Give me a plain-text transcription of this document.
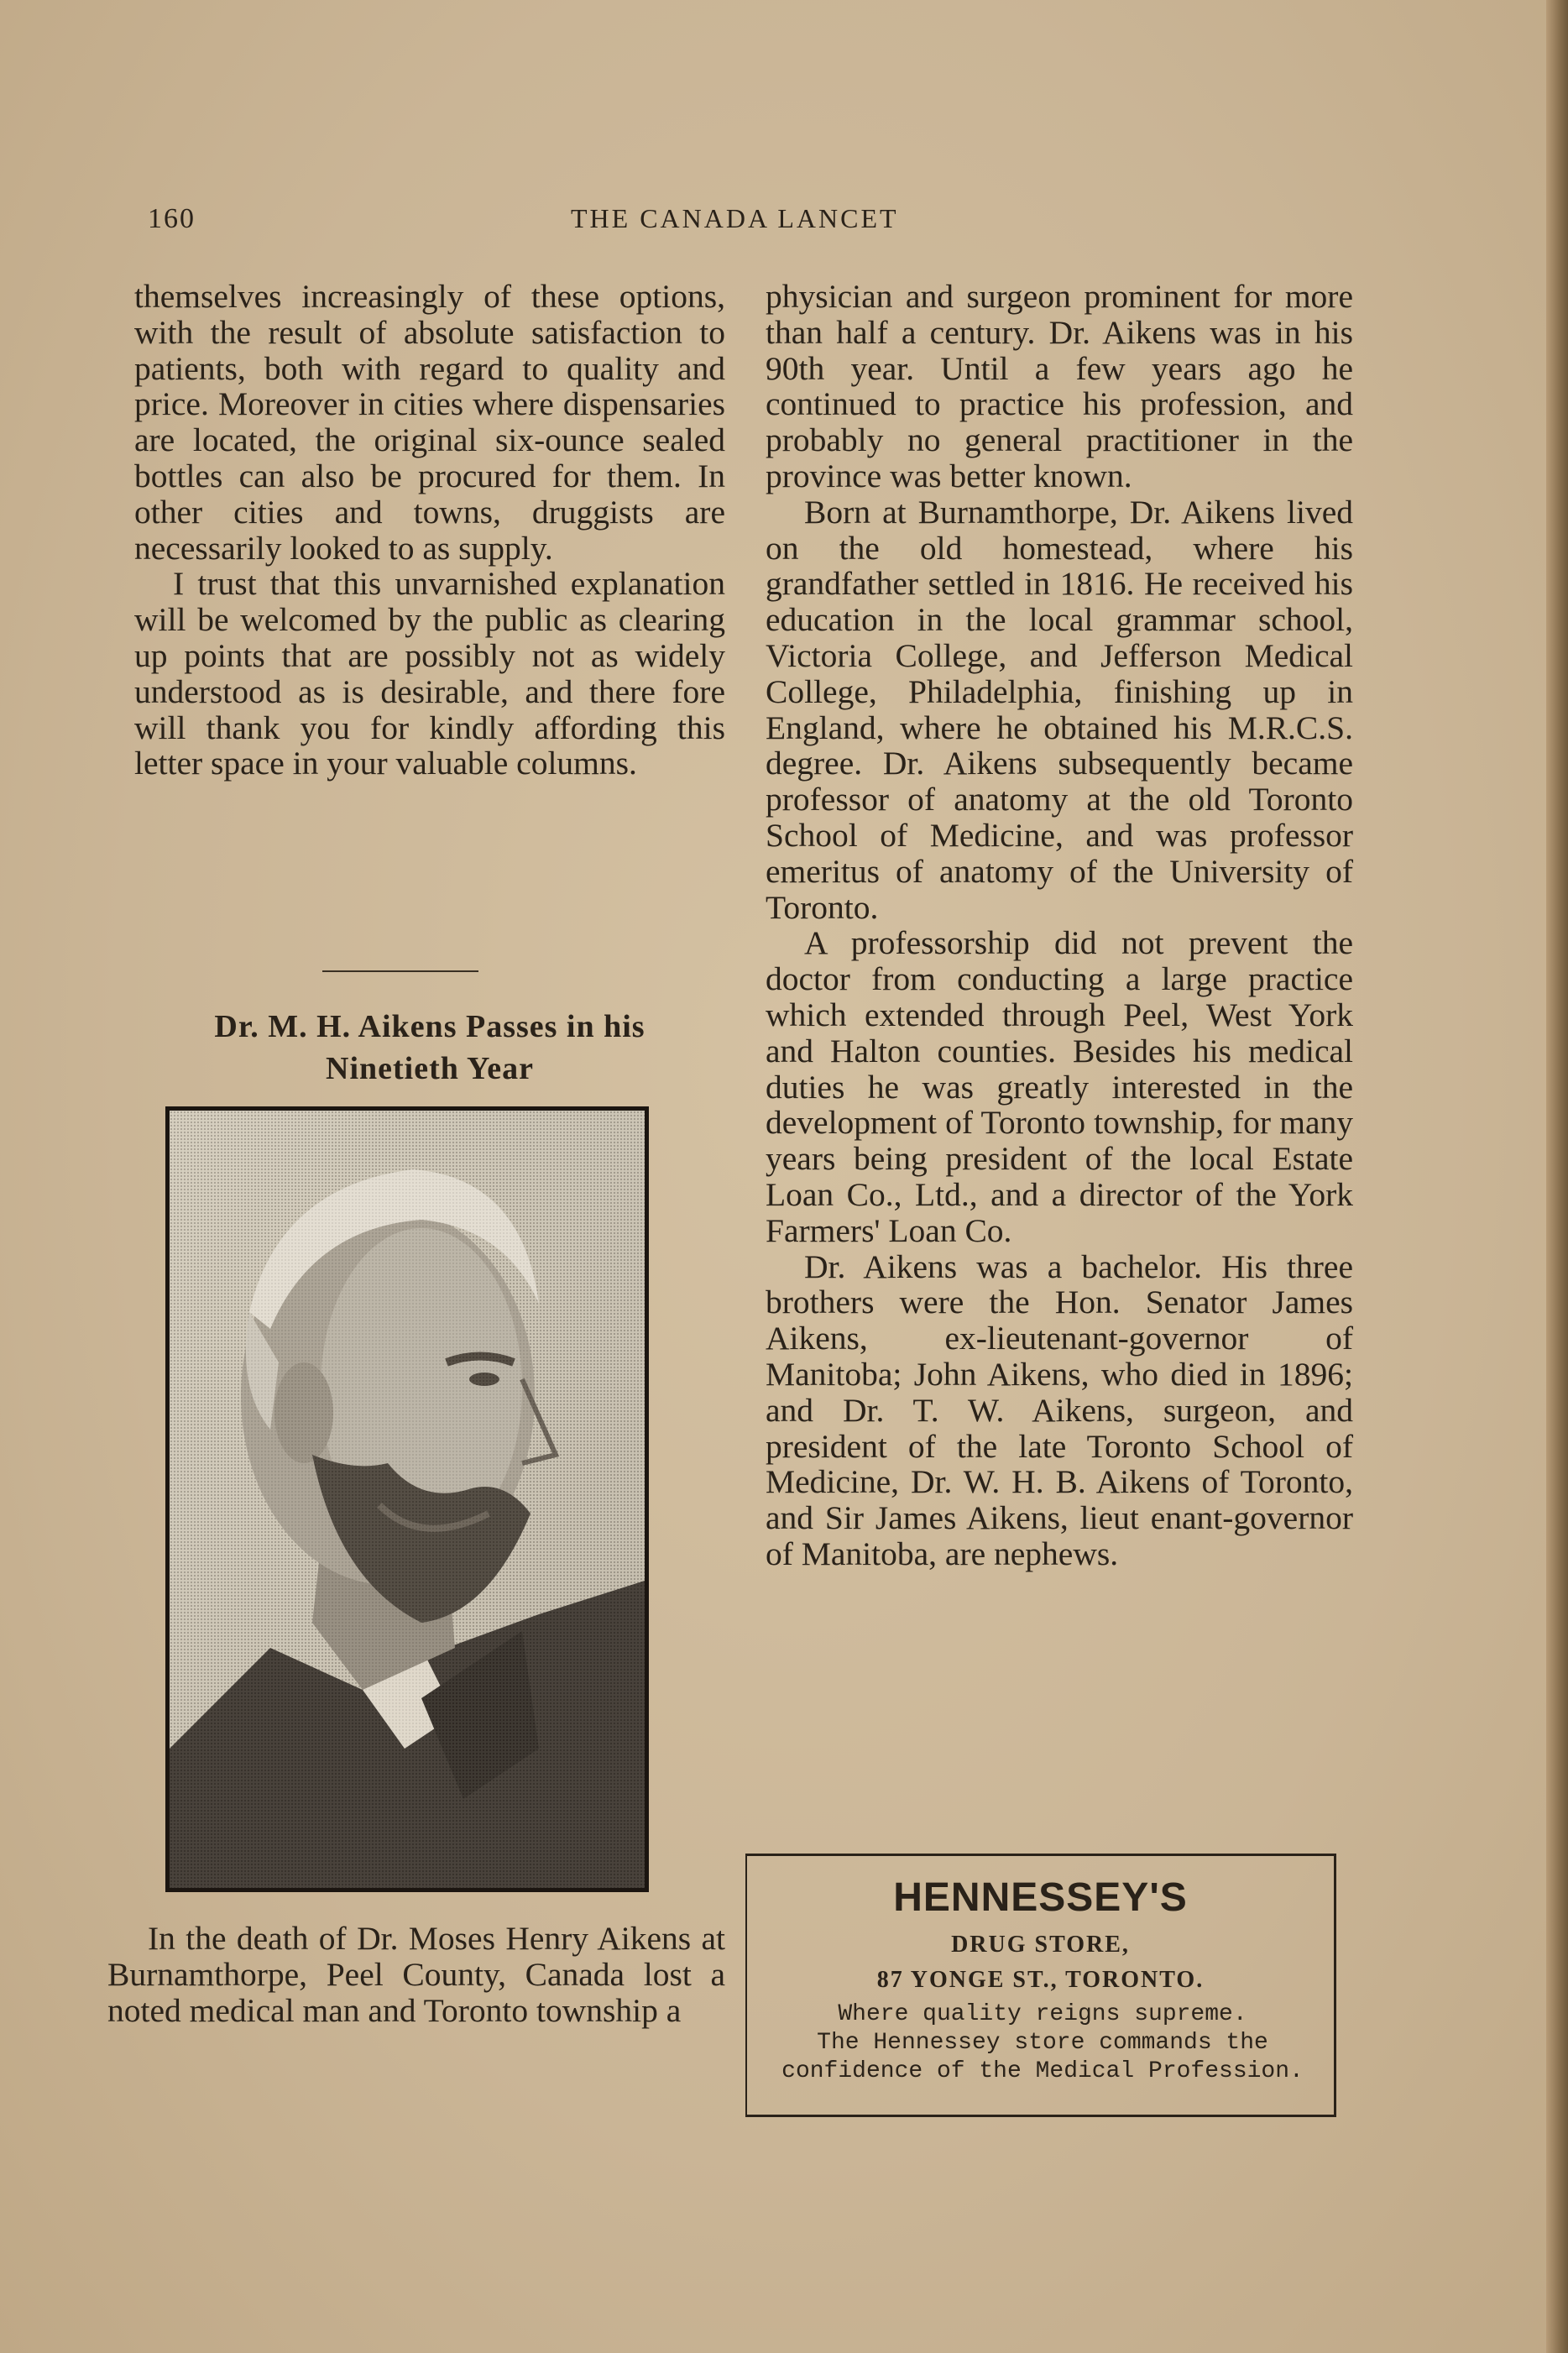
160	THE CANADA LANCET

themselves increasingly of these options, with the result of absolute satisfaction to patients, both with regard to quality and price. Moreover in cities where dispensaries are located, the original six-ounce sealed bottles can also be procured for them. In other cities and towns, druggists are necessarily looked to as supply.

I trust that this unvarnished explanation will be welcomed by the public as clearing up points that are possibly not as widely understood as is desirable, and there fore will thank you for kindly affording this letter space in your valuable columns.

Dr. M. H. Aikens Passes in his
Ninetieth Year

In the death of Dr. Moses Henry Aikens at Burnamthorpe, Peel County, Canada lost a noted medical man and Toronto township a

physician and surgeon prominent for more than half a century. Dr. Aikens was in his 90th year. Until a few years ago he continued to practice his profession, and probably no general practitioner in the province was better known.

Born at Burnamthorpe, Dr. Aikens lived on the old homestead, where his grandfather settled in 1816. He received his education in the local grammar school, Victoria College, and Jefferson Medical College, Philadelphia, finishing up in England, where he obtained his M.R.C.S. degree. Dr. Aikens subsequently became professor of anatomy at the old Toronto School of Medicine, and was professor emeritus of anatomy of the University of Toronto.

A professorship did not prevent the doctor from conducting a large practice which extended through Peel, West York and Halton counties. Besides his medical duties he was greatly interested in the development of Toronto township, for many years being president of the local Estate Loan Co., Ltd., and a director of the York Farmers' Loan Co.

Dr. Aikens was a bachelor. His three brothers were the Hon. Senator James Aikens, ex-lieutenant-governor of Manitoba; John Aikens, who died in 1896; and Dr. T. W. Aikens, surgeon, and president of the late Toronto School of Medicine, Dr. W. H. B. Aikens of Toronto, and Sir James Aikens, lieut enant-governor of Manitoba, are nephews.

HENNESSEY'S
DRUG STORE,
87 YONGE ST., TORONTO.
Where quality reigns supreme.
The Hennessey store commands the
confidence of the Medical Profession.
